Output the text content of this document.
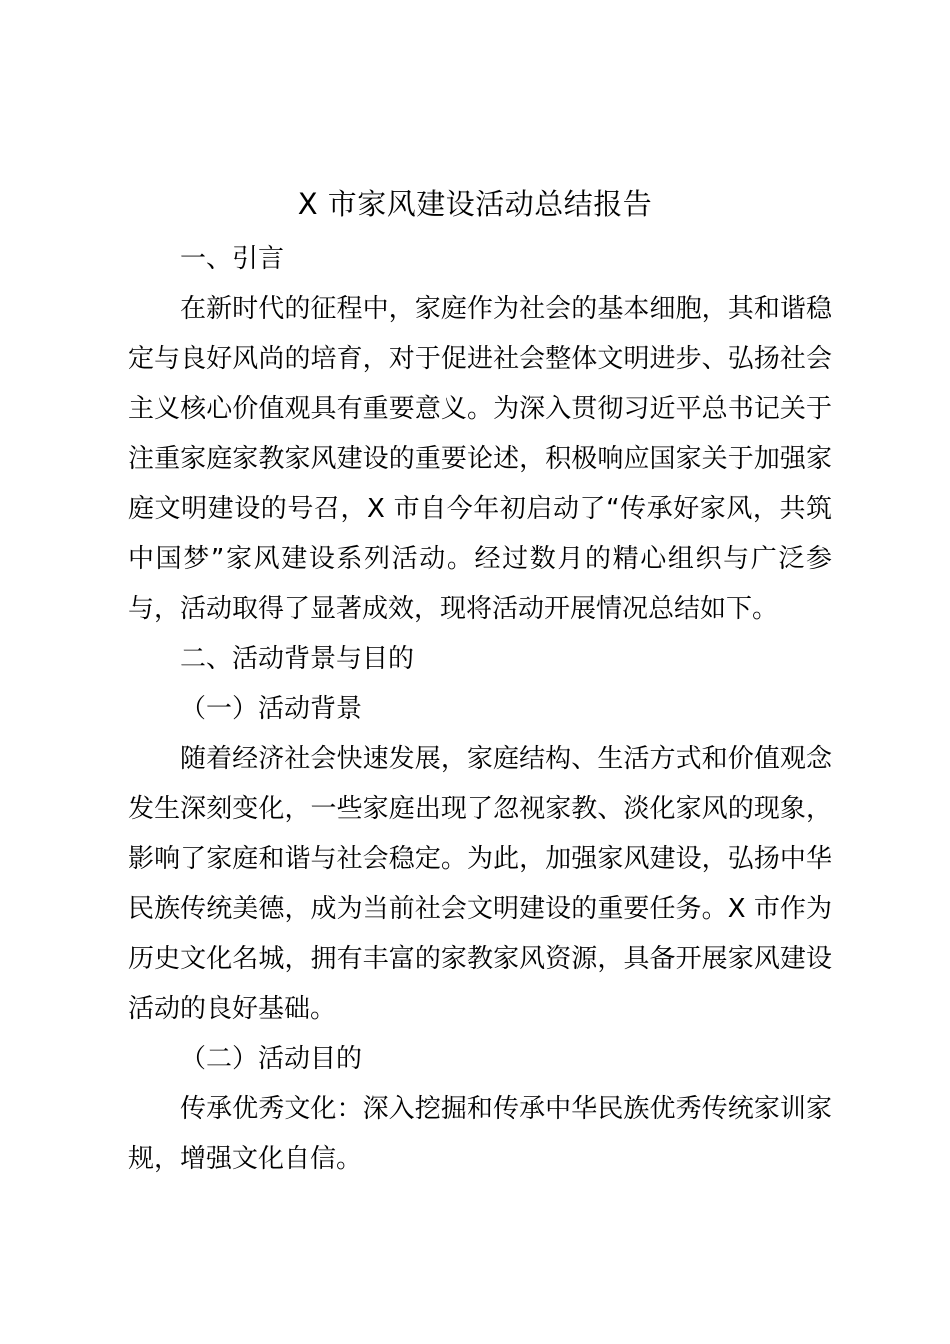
X 市家风建设活动总结报告

一、引言

在新时代的征程中，家庭作为社会的基本细胞，其和谐稳定与良好风尚的培育，对于促进社会整体文明进步、弘扬社会主义核心价值观具有重要意义。为深入贯彻习近平总书记关于注重家庭家教家风建设的重要论述，积极响应国家关于加强家庭文明建设的号召，X 市自今年初启动了“传承好家风，共筑中国梦”家风建设系列活动。经过数月的精心组织与广泛参与，活动取得了显著成效，现将活动开展情况总结如下。

二、活动背景与目的

（一）活动背景

随着经济社会快速发展，家庭结构、生活方式和价值观念发生深刻变化，一些家庭出现了忽视家教、淡化家风的现象，影响了家庭和谐与社会稳定。为此，加强家风建设，弘扬中华民族传统美德，成为当前社会文明建设的重要任务。X 市作为历史文化名城，拥有丰富的家教家风资源，具备开展家风建设活动的良好基础。

（二）活动目的

传承优秀文化：深入挖掘和传承中华民族优秀传统家训家规，增强文化自信。
